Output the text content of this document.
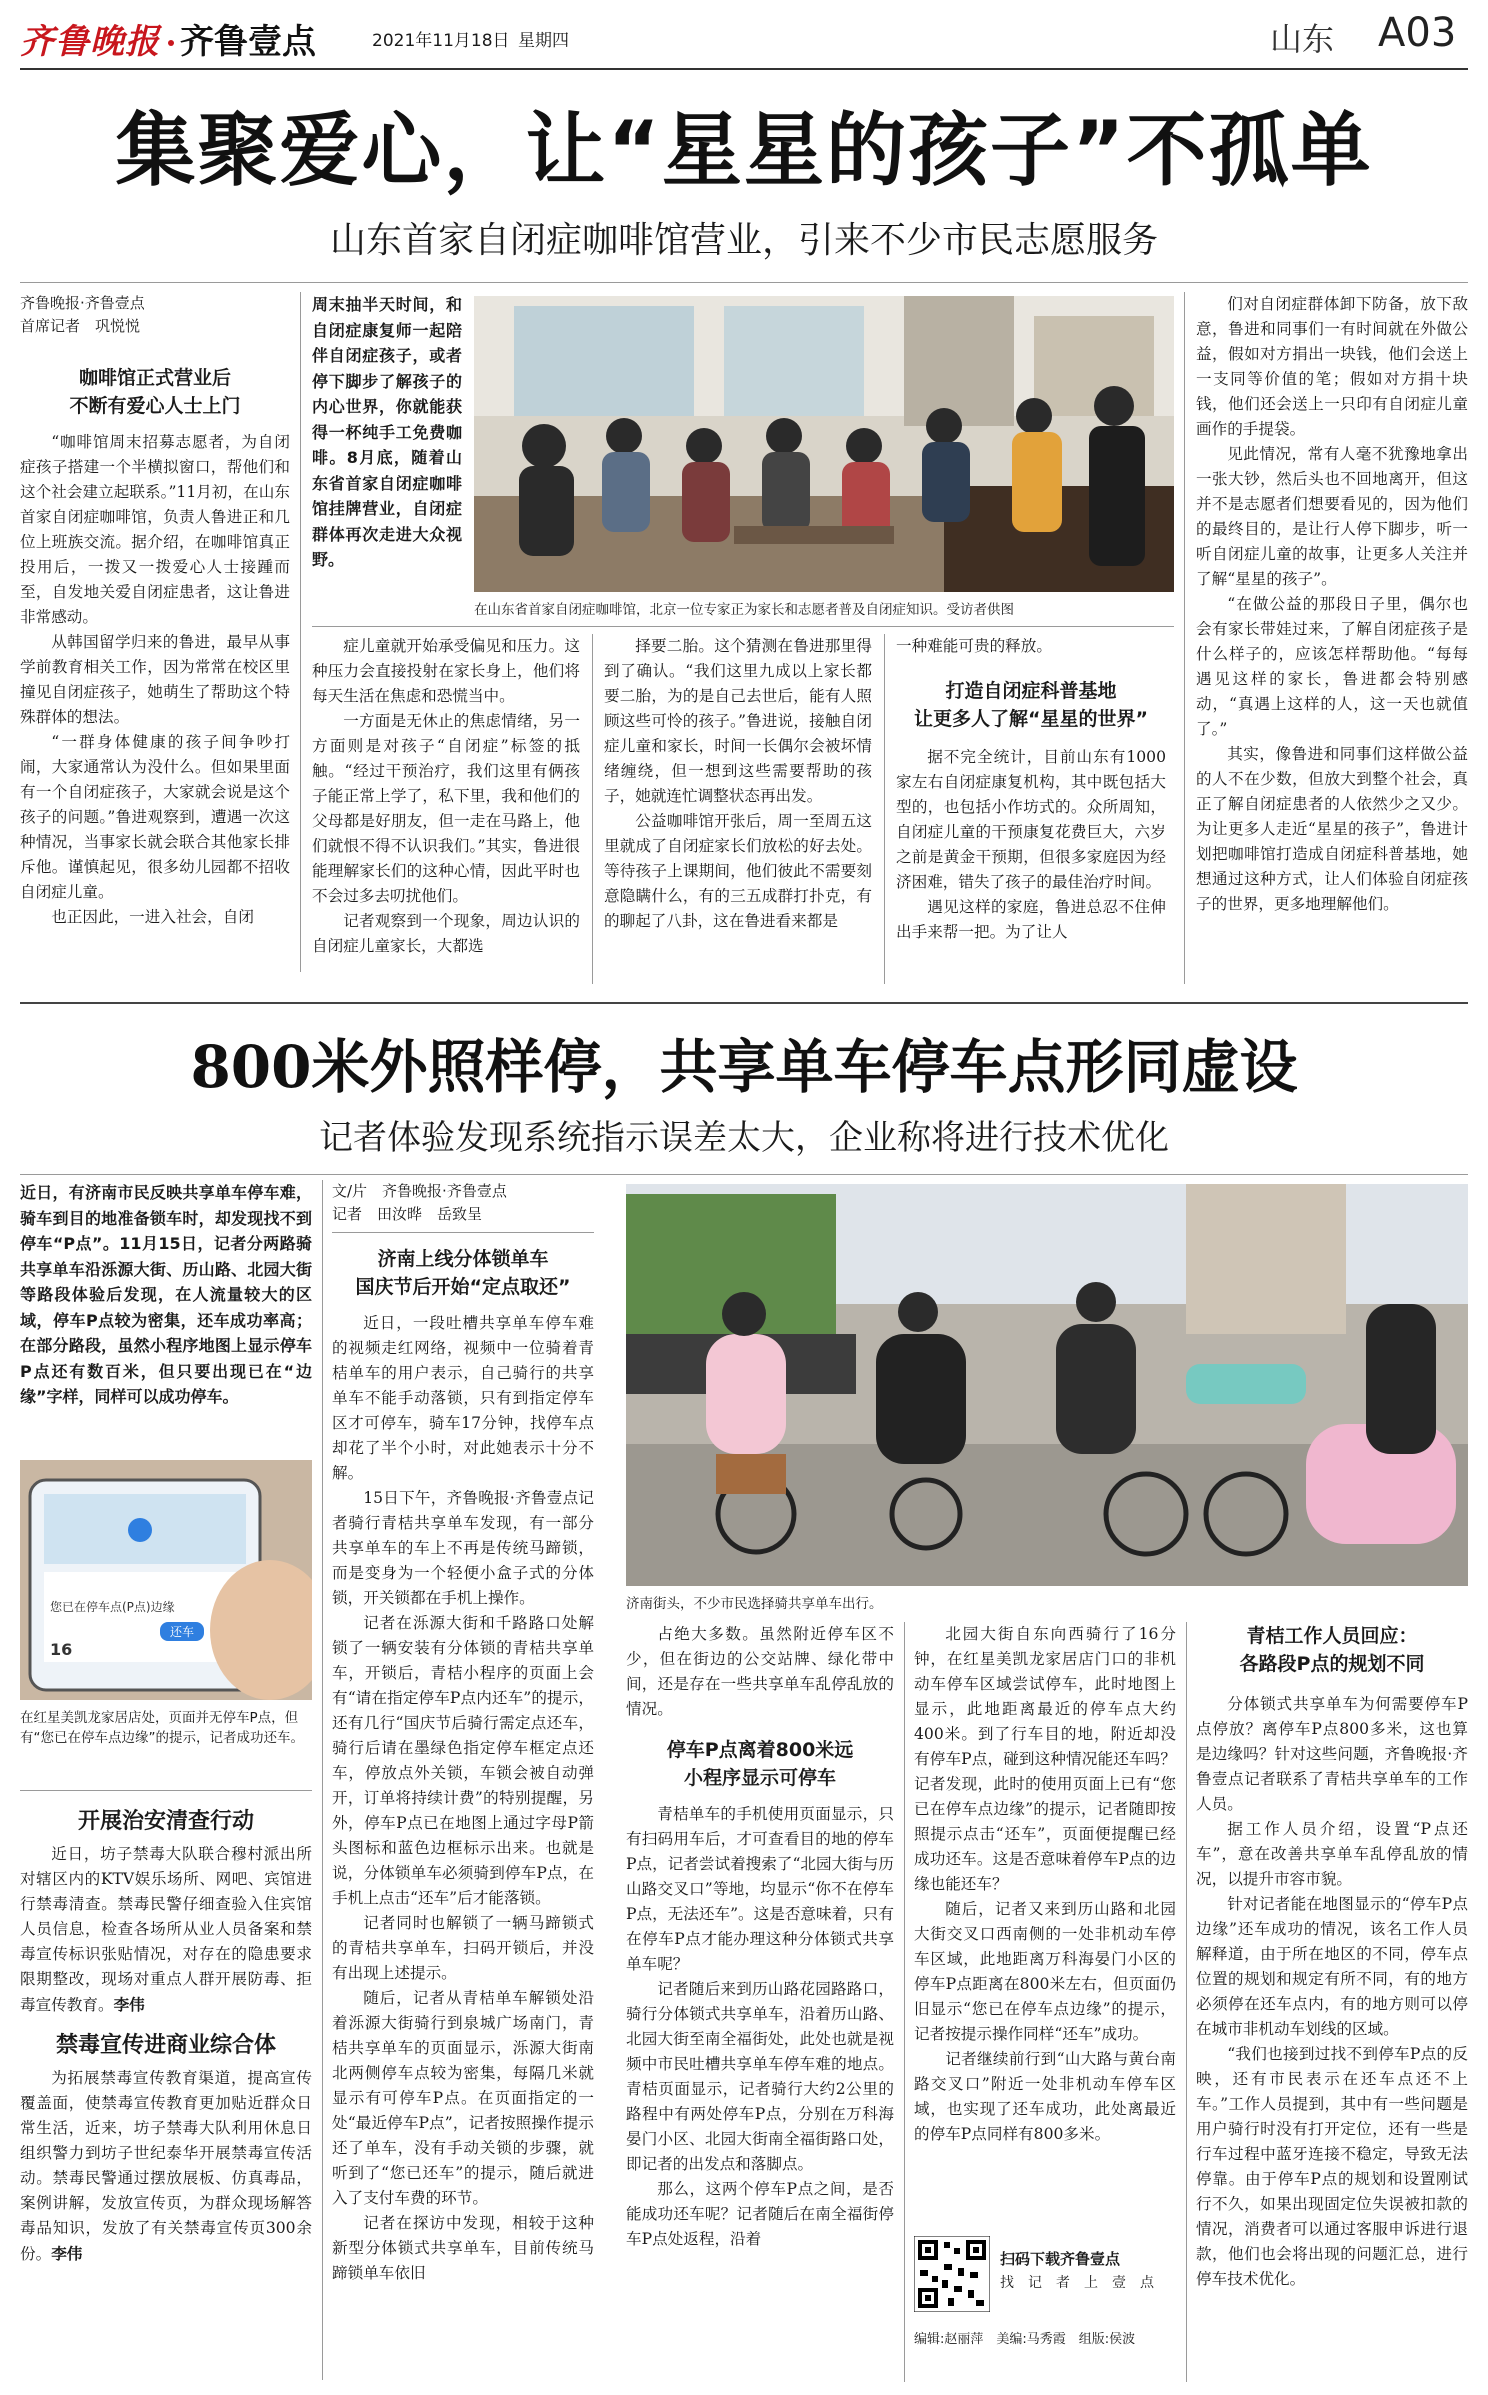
齐鲁晚报 齐鲁壹点	2021年11月18日 星期四	山东 A03
集聚爱心，让“星星的孩子”不孤单
山东首家自闭症咖啡馆营业，引来不少市民志愿服务
齐鲁晚报·齐鲁壹点
首席记者　巩悦悦
咖啡馆正式营业后
不断有爱心人士上门

“咖啡馆周末招募志愿者，为自闭症孩子搭建一个半横拟窗口，帮他们和这个社会建立起联系。”11月初，在山东首家自闭症咖啡馆，负责人鲁进正和几位上班族交流。据介绍，在咖啡馆真正投用后，一拨又一拨爱心人士接踵而至，自发地关爱自闭症患者，这让鲁进非常感动。

从韩国留学归来的鲁进，最早从事学前教育相关工作，因为常常在校区里撞见自闭症孩子，她萌生了帮助这个特殊群体的想法。

“一群身体健康的孩子间争吵打闹，大家通常认为没什么。但如果里面有一个自闭症孩子，大家就会说是这个孩子的问题。”鲁进观察到，遭遇一次这种情况，当事家长就会联合其他家长排斥他。谨慎起见，很多幼儿园都不招收自闭症儿童。

也正因此，一进入社会，自闭

周末抽半天时间，和自闭症康复师一起陪伴自闭症孩子，或者停下脚步了解孩子的内心世界，你就能获得一杯纯手工免费咖啡。8月底，随着山东省首家自闭症咖啡馆挂牌营业，自闭症群体再次走进大众视野。
在山东省首家自闭症咖啡馆，北京一位专家正为家长和志愿者普及自闭症知识。受访者供图

症儿童就开始承受偏见和压力。这种压力会直接投射在家长身上，他们将每天生活在焦虑和恐慌当中。

一方面是无休止的焦虑情绪，另一方面则是对孩子“自闭症”标签的抵触。“经过干预治疗，我们这里有俩孩子能正常上学了，私下里，我和他们的父母都是好朋友，但一走在马路上，他们就恨不得不认识我们。”其实，鲁进很能理解家长们的这种心情，因此平时也不会过多去叨扰他们。

记者观察到一个现象，周边认识的自闭症儿童家长，大都选

择要二胎。这个猜测在鲁进那里得到了确认。“我们这里九成以上家长都要二胎，为的是自己去世后，能有人照顾这些可怜的孩子。”鲁进说，接触自闭症儿童和家长，时间一长偶尔会被坏情绪缠绕，但一想到这些需要帮助的孩子，她就连忙调整状态再出发。

公益咖啡馆开张后，周一至周五这里就成了自闭症家长们放松的好去处。等待孩子上课期间，他们彼此不需要刻意隐瞒什么，有的三五成群打扑克，有的聊起了八卦，这在鲁进看来都是

一种难能可贵的释放。
打造自闭症科普基地
让更多人了解“星星的世界”

据不完全统计，目前山东有1000家左右自闭症康复机构，其中既包括大型的，也包括小作坊式的。众所周知，自闭症儿童的干预康复花费巨大，六岁之前是黄金干预期，但很多家庭因为经济困难，错失了孩子的最佳治疗时间。

遇见这样的家庭，鲁进总忍不住伸出手来帮一把。为了让人

们对自闭症群体卸下防备，放下敌意，鲁进和同事们一有时间就在外做公益，假如对方捐出一块钱，他们会送上一支同等价值的笔；假如对方捐十块钱，他们还会送上一只印有自闭症儿童画作的手提袋。

见此情况，常有人毫不犹豫地拿出一张大钞，然后头也不回地离开，但这并不是志愿者们想要看见的，因为他们的最终目的，是让行人停下脚步，听一听自闭症儿童的故事，让更多人关注并了解“星星的孩子”。

“在做公益的那段日子里，偶尔也会有家长带娃过来，了解自闭症孩子是什么样子的，应该怎样帮助他。“每每遇见这样的家长，鲁进都会特别感动，“真遇上这样的人，这一天也就值了。”

其实，像鲁进和同事们这样做公益的人不在少数，但放大到整个社会，真正了解自闭症患者的人依然少之又少。为让更多人走近“星星的孩子”，鲁进计划把咖啡馆打造成自闭症科普基地，她想通过这种方式，让人们体验自闭症孩子的世界，更多地理解他们。

800米外照样停，共享单车停车点形同虚设
记者体验发现系统指示误差太大，企业称将进行技术优化
近日，有济南市民反映共享单车停车难，骑车到目的地准备锁车时，却发现找不到停车“P点”。11月15日，记者分两路骑共享单车沿泺源大街、历山路、北园大街等路段体验后发现，在人流量较大的区域，停车P点较为密集，还车成功率高；在部分路段，虽然小程序地图上显示停车P点还有数百米，但只要出现已在“边缘”字样，同样可以成功停车。
您已在停车点(P点)边缘
还车
16
在红星美凯龙家居店处，页面并无停车P点，但有“您已在停车点边缘”的提示，记者成功还车。
开展治安清查行动

近日，坊子禁毒大队联合穆村派出所对辖区内的KTV娱乐场所、网吧、宾馆进行禁毒清查。禁毒民警仔细查验入住宾馆人员信息，检查各场所从业人员备案和禁毒宣传标识张贴情况，对存在的隐患要求限期整改，现场对重点人群开展防毒、拒毒宣传教育。李伟

禁毒宣传进商业综合体

为拓展禁毒宣传教育渠道，提高宣传覆盖面，使禁毒宣传教育更加贴近群众日常生活，近来，坊子禁毒大队利用休息日组织警力到坊子世纪泰华开展禁毒宣传活动。禁毒民警通过摆放展板、仿真毒品，案例讲解，发放宣传页，为群众现场解答毒品知识，发放了有关禁毒宣传页300余份。李伟

文/片　齐鲁晚报·齐鲁壹点
记者　田汝晔　岳致呈
济南上线分体锁单车
国庆节后开始“定点取还”

近日，一段吐槽共享单车停车难的视频走红网络，视频中一位骑着青桔单车的用户表示，自己骑行的共享单车不能手动落锁，只有到指定停车区才可停车，骑车17分钟，找停车点却花了半个小时，对此她表示十分不解。

15日下午，齐鲁晚报·齐鲁壹点记者骑行青桔共享单车发现，有一部分共享单车的车上不再是传统马蹄锁，而是变身为一个轻便小盒子式的分体锁，开关锁都在手机上操作。

记者在泺源大街和千路路口处解锁了一辆安装有分体锁的青桔共享单车，开锁后，青桔小程序的页面上会有“请在指定停车P点内还车”的提示，还有几行“国庆节后骑行需定点还车，骑行后请在墨绿色指定停车框定点还车，停放点外关锁，车锁会被自动弹开，订单将持续计费”的特别提醒，另外，停车P点已在地图上通过字母P箭头图标和蓝色边框标示出来。也就是说，分体锁单车必须骑到停车P点，在手机上点击“还车”后才能落锁。

记者同时也解锁了一辆马蹄锁式的青桔共享单车，扫码开锁后，并没有出现上述提示。

随后，记者从青桔单车解锁处沿着泺源大街骑行到泉城广场南门，青桔共享单车的页面显示，泺源大街南北两侧停车点较为密集，每隔几米就显示有可停车P点。在页面指定的一处“最近停车P点”，记者按照操作提示还了单车，没有手动关锁的步骤，就听到了“您已还车”的提示，随后就进入了支付车费的环节。

记者在探访中发现，相较于这种新型分体锁式共享单车，目前传统马蹄锁单车依旧

济南街头，不少市民选择骑共享单车出行。

占绝大多数。虽然附近停车区不少，但在街边的公交站牌、绿化带中间，还是存在一些共享单车乱停乱放的情况。

停车P点离着800米远
小程序显示可停车

青桔单车的手机使用页面显示，只有扫码用车后，才可查看目的地的停车P点，记者尝试着搜索了“北园大街与历山路交叉口”等地，均显示“你不在停车P点，无法还车”。这是否意味着，只有在停车P点才能办理这种分体锁式共享单车呢？

记者随后来到历山路花园路路口，骑行分体锁式共享单车，沿着历山路、北园大街至南全福街处，此处也就是视频中市民吐槽共享单车停车难的地点。青桔页面显示，记者骑行大约2公里的路程中有两处停车P点，分别在万科海晏门小区、北园大街南全福街路口处，即记者的出发点和落脚点。

那么，这两个停车P点之间，是否能成功还车呢？记者随后在南全福街停车P点处返程，沿着

北园大街自东向西骑行了16分钟，在红星美凯龙家居店门口的非机动车停车区域尝试停车，此时地图上显示，此地距离最近的停车点大约400米。到了行车目的地，附近却没有停车P点，碰到这种情况能还车吗？记者发现，此时的使用页面上已有“您已在停车点边缘”的提示，记者随即按照提示点击“还车”，页面便提醒已经成功还车。这是否意味着停车P点的边缘也能还车？

随后，记者又来到历山路和北园大街交叉口西南侧的一处非机动车停车区域，此地距离万科海晏门小区的停车P点距离在800米左右，但页面仍旧显示“您已在停车点边缘”的提示，记者按提示操作同样“还车”成功。

记者继续前行到“山大路与黄台南路交叉口”附近一处非机动车停车区域，也实现了还车成功，此处离最近的停车P点同样有800多米。

扫码下载齐鲁壹点
找　记　者　上　壹　点
编辑:赵丽萍　美编:马秀霞　组版:侯波
青桔工作人员回应：
各路段P点的规划不同

分体锁式共享单车为何需要停车P点停放？离停车P点800多米，这也算是边缘吗？针对这些问题，齐鲁晚报·齐鲁壹点记者联系了青桔共享单车的工作人员。

据工作人员介绍，设置“P点还车”，意在改善共享单车乱停乱放的情况，以提升市容市貌。

针对记者能在地图显示的“停车P点边缘”还车成功的情况，该名工作人员解释道，由于所在地区的不同，停车点位置的规划和规定有所不同，有的地方必须停在还车点内，有的地方则可以停在城市非机动车划线的区域。

“我们也接到过找不到停车P点的反映，还有市民表示在还车点还不上车。”工作人员提到，其中有一些问题是用户骑行时没有打开定位，还有一些是行车过程中蓝牙连接不稳定，导致无法停靠。由于停车P点的规划和设置刚试行不久，如果出现固定位失误被扣款的情况，消费者可以通过客服申诉进行退款，他们也会将出现的问题汇总，进行停车技术优化。
